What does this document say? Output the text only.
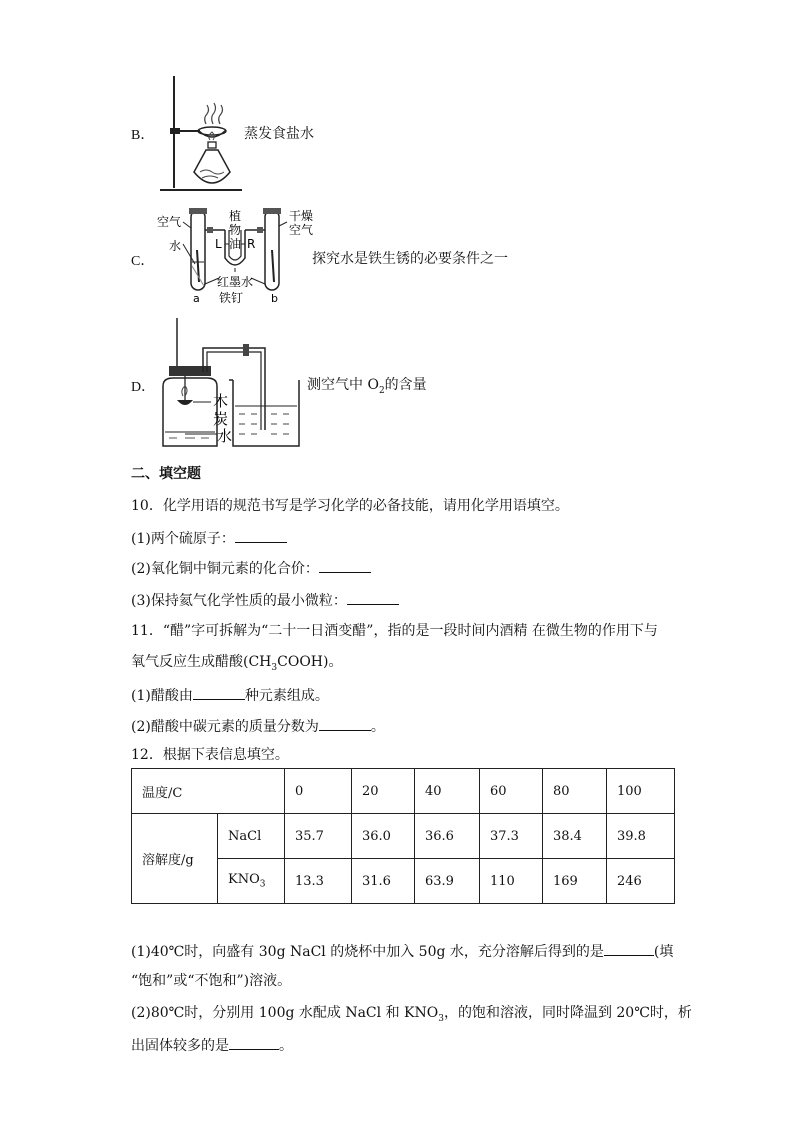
B．	蒸发食盐水
C．
空气
水
植
物
油
L R
干燥
空气
红墨水
铁钉
a	b
探究水是铁生锈的必要条件之一
D．
木
炭
水
测空气中 $O_2$的含量
二、填空题
10．化学用语的规范书写是学习化学的必备技能，请用化学用语填空。
(1)两个硫原子：
(2)氧化铜中铜元素的化合价：
(3)保持氦气化学性质的最小微粒：
11．“醋”字可拆解为“二十一日酒变醋”，指的是一段时间内酒精 在微生物的作用下与
氧气反应生成醋酸$(CH_3COOH)$。
(1)醋酸由	种元素组成。
(2)醋酸中碳元素的质量分数为	。
12．根据下表信息填空。
温度/C		0	20	40	60	80	100
溶解度/g	NaCl	35.7	36.0	36.6	37.3	38.4	39.8
	$KNO_3$	13.3	31.6	63.9	110	169	246
(1)40℃时，向盛有 30g NaCl 的烧杯中加入 50g 水，充分溶解后得到的是	(填
“饱和”或“不饱和”)溶液。
(2)80℃时，分别用 100g 水配成 NaCl 和 $KNO_3$，的饱和溶液，同时降温到 20℃时，析
出固体较多的是	。
